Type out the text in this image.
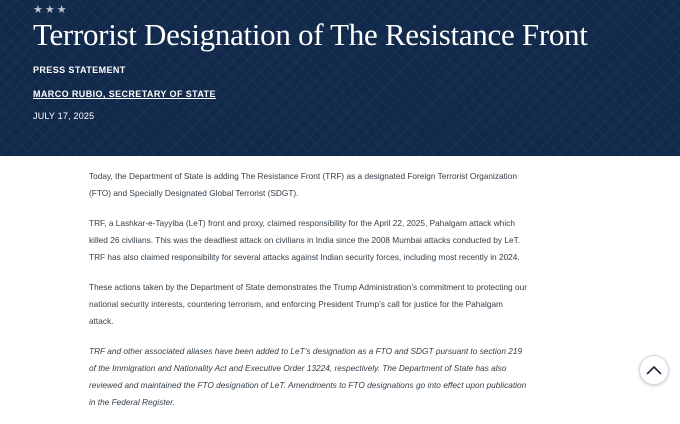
★★★
Terrorist Designation of The Resistance Front
PRESS STATEMENT
MARCO RUBIO, SECRETARY OF STATE
JULY 17, 2025

Today, the Department of State is adding The Resistance Front (TRF) as a designated Foreign Terrorist Organization (FTO) and Specially Designated Global Terrorist (SDGT).

TRF, a Lashkar-e-Tayyiba (LeT) front and proxy, claimed responsibility for the April 22, 2025, Pahalgam attack which killed 26 civilians. This was the deadliest attack on civilians in India since the 2008 Mumbai attacks conducted by LeT. TRF has also claimed responsibility for several attacks against Indian security forces, including most recently in 2024.

These actions taken by the Department of State demonstrates the Trump Administration’s commitment to protecting our national security interests, countering terrorism, and enforcing President Trump’s call for justice for the Pahalgam attack.

TRF and other associated aliases have been added to LeT’s designation as a FTO and SDGT pursuant to section 219 of the Immigration and Nationality Act and Executive Order 13224, respectively. The Department of State has also reviewed and maintained the FTO designation of LeT. Amendments to FTO designations go into effect upon publication in the Federal Register.
